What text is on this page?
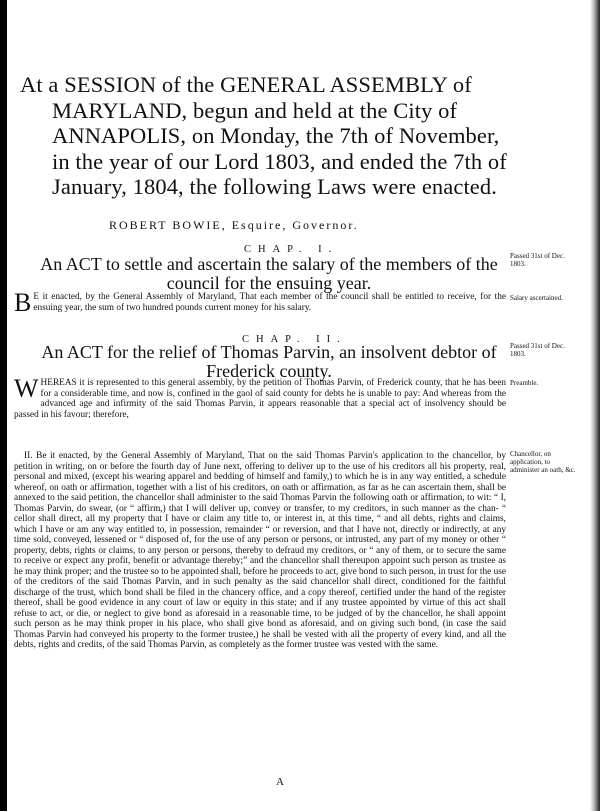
At a SESSION of the GENERAL ASSEMBLY of
MARYLAND, begun and held at the City of
ANNAPOLIS, on Monday, the 7th of November,
in the year of our Lord 1803, and ended the 7th of
January, 1804, the following Laws were enacted.

ROBERT BOWIE, Esquire, Governor.

CHAP. I.

An ACT to settle and ascertain the salary of the members of the
council for the ensuing year.

Passed 31st of Dec. 1803.

Salary ascertained.

B E it enacted, by the General Assembly of Maryland, That each member of the council shall be entitled to receive, for the ensuing year, the sum of two hundred pounds current money for his salary.

CHAP. II.

An ACT for the relief of Thomas Parvin, an insolvent debtor of
Frederick county.

Passed 31st of Dec. 1803.

Preamble.

W HEREAS it is represented to this general assembly, by the petition of Thomas Parvin, of Frederick county, that he has been for a considerable time, and now is, confined in the gaol of said county for debts he is unable to pay: And whereas from the advanced age and infirmity of the said Thomas Parvin, it appears reasonable that a special act of insolvency should be passed in his favour; therefore,

Chancellor, on application, to administer an oath, &c.

II. Be it enacted, by the General Assembly of Maryland, That on the said Thomas Parvin's application to the chancellor, by petition in writing, on or before the fourth day of June next, offering to deliver up to the use of his creditors all his property, real, personal and mixed, (except his wearing apparel and bedding of himself and family,) to which he is in any way entitled, a schedule whereof, on oath or affirmation, together with a list of his creditors, on oath or affirmation, as far as he can ascertain them, shall be annexed to the said petition, the chancellor shall administer to the said Thomas Parvin the following oath or affirmation, to wit: “ I, Thomas Parvin, do swear, (or “ affirm,) that I will deliver up, convey or transfer, to my creditors, in such manner as the chan- “ cellor shall direct, all my property that I have or claim any title to, or interest in, at this time, “ and all debts, rights and claims, which I have or am any way entitled to, in possession, remainder “ or reversion, and that I have not, directly or indirectly, at any time sold, conveyed, lessened or “ disposed of, for the use of any person or persons, or intrusted, any part of my money or other “ property, debts, rights or claims, to any person or persons, thereby to defraud my creditors, or “ any of them, or to secure the same to receive or expect any profit, benefit or advantage thereby;” and the chancellor shall thereupon appoint such person as trustee as he may think proper; and the trustee so to be appointed shall, before he proceeds to act, give bond to such person, in trust for the use of the creditors of the said Thomas Parvin, and in such penalty as the said chancellor shall direct, conditioned for the faithful discharge of the trust, which bond shall be filed in the chancery office, and a copy thereof, certified under the hand of the register thereof, shall be good evidence in any court of law or equity in this state; and if any trustee appointed by virtue of this act shall refuse to act, or die, or neglect to give bond as aforesaid in a reasonable time, to be judged of by the chancellor, he shall appoint such person as he may think proper in his place, who shall give bond as aforesaid, and on giving such bond, (in case the said Thomas Parvin had conveyed his property to the former trustee,) he shall be vested with all the property of every kind, and all the debts, rights and credits, of the said Thomas Parvin, as completely as the former trustee was vested with the same.

A
